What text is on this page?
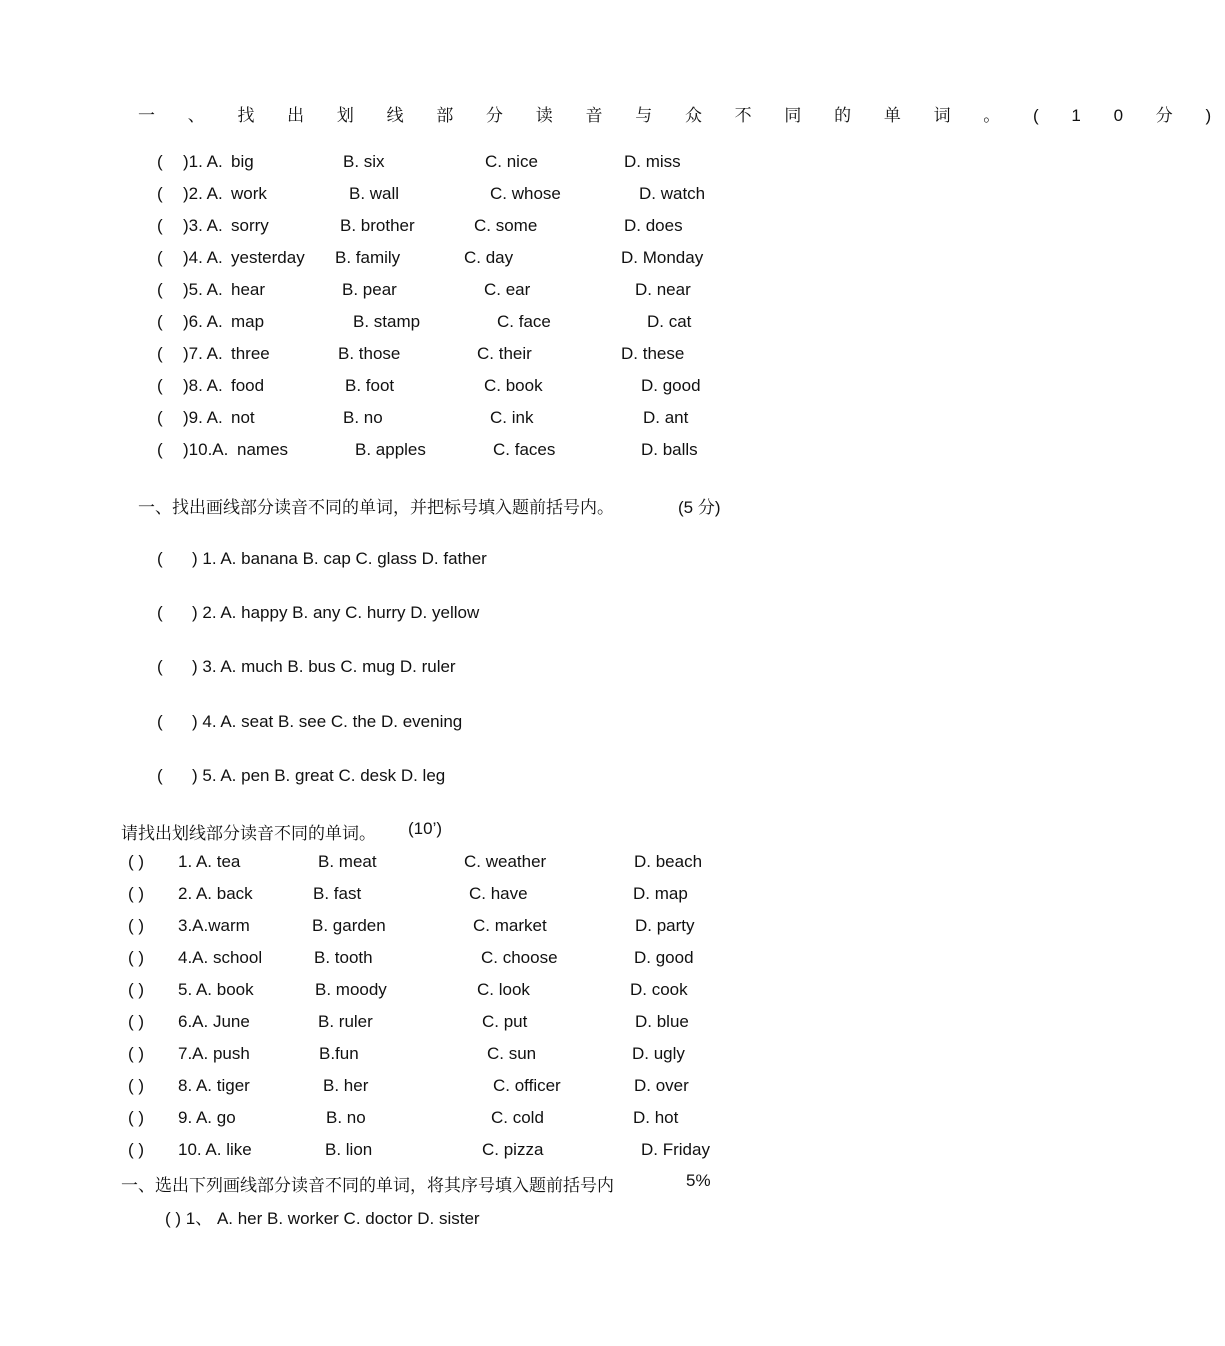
一 、 找 出 划 线 部 分 读 音 与 众 不 同 的 单 词 。 ( 1 0 分 )
( )1. A. big	B. six	C. nice	D. miss
( )2. A. work	B. wall	C. whose	D. watch
( )3. A. sorry	B. brother	C. some	D. does
( )4. A. yesterday B. family	C. day	D. Monday
( )5. A. hear	B. pear	C. ear	D. near
( )6. A. map	B. stamp	C. face	D. cat
( )7. A. three	B. those	C. their	D. these
( )8. A. food	B. foot	C. book	D. good
( )9. A. not	B. no	C. ink	D. ant
( )10.A. names	B. apples	C. faces	D. balls
一、找出画线部分读音不同的单词，并把标号填入题前括号内。	(5 分)
( ) 1. A. banana B. cap C. glass D. father
( ) 2. A. happy B. any C. hurry D. yellow
( ) 3. A. much B. bus C. mug D. ruler
( ) 4. A. seat B. see C. the D. evening
( ) 5. A. pen B. great C. desk D. leg
请找出划线部分读音不同的单词。 (10’)
( ) 1. A. tea	B. meat	C. weather	D. beach
( ) 2. A. back	B. fast	C. have	D. map
( ) 3.A.warm	B. garden	C. market	D. party
( ) 4.A. school	B. tooth	C. choose	D. good
( ) 5. A. book	B. moody	C. look	D. cook
( ) 6.A. June	B. ruler	C. put	D. blue
( ) 7.A. push	B.fun	C. sun	D. ugly
( ) 8. A. tiger	B. her	C. officer	D. over
( ) 9. A. go	B. no	C. cold	D. hot
( ) 10. A. like	B. lion	C. pizza	D. Friday
一、选出下列画线部分读音不同的单词，将其序号填入题前括号内	5%
( ) 1、 A. her B. worker C. doctor D. sister
